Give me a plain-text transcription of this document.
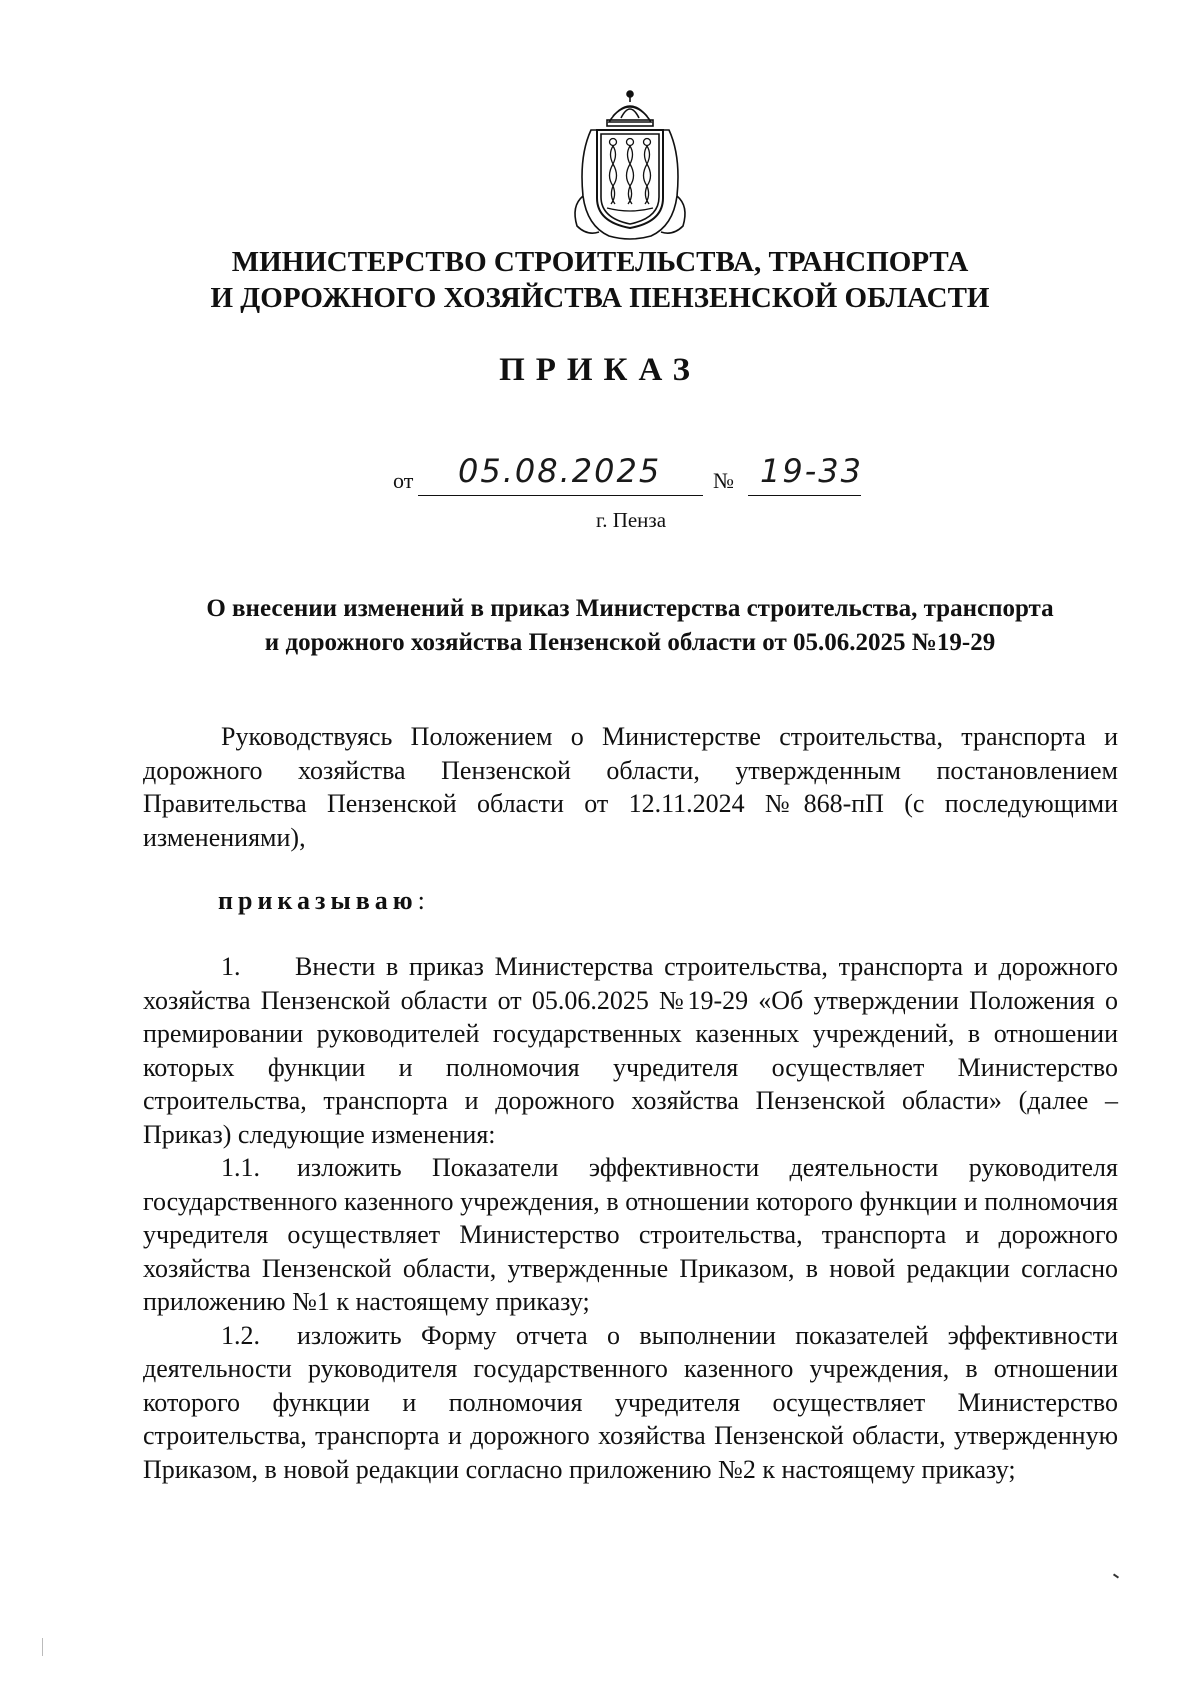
МИНИСТЕРСТВО СТРОИТЕЛЬСТВА, ТРАНСПОРТА
И ДОРОЖНОГО ХОЗЯЙСТВА ПЕНЗЕНСКОЙ ОБЛАСТИ
ПРИКАЗ
от 05.08.2025 № 19-33
г. Пенза
О внесении изменений в приказ Министерства строительства, транспорта
и дорожного хозяйства Пензенской области от 05.06.2025 №19-29

Руководствуясь Положением о Министерстве строительства, транспорта и дорожного хозяйства Пензенской области, утвержденным постановлением Правительства Пензенской области от 12.11.2024 №868-пП (с последующими изменениями),

приказываю:

1. Внести в приказ Министерства строительства, транспорта и дорожного хозяйства Пензенской области от 05.06.2025 №19-29 «Об утверждении Положения о премировании руководителей государственных казенных учреждений, в отношении которых функции и полномочия учредителя осуществляет Министерство строительства, транспорта и дорожного хозяйства Пензенской области» (далее – Приказ) следующие изменения:

1.1. изложить Показатели эффективности деятельности руководителя государственного казенного учреждения, в отношении которого функции и полномочия учредителя осуществляет Министерство строительства, транспорта и дорожного хозяйства Пензенской области, утвержденные Приказом, в новой редакции согласно приложению №1 к настоящему приказу;

1.2. изложить Форму отчета о выполнении показателей эффективности деятельности руководителя государственного казенного учреждения, в отношении которого функции и полномочия учредителя осуществляет Министерство строительства, транспорта и дорожного хозяйства Пензенской области, утвержденную Приказом, в новой редакции согласно приложению №2 к настоящему приказу;
